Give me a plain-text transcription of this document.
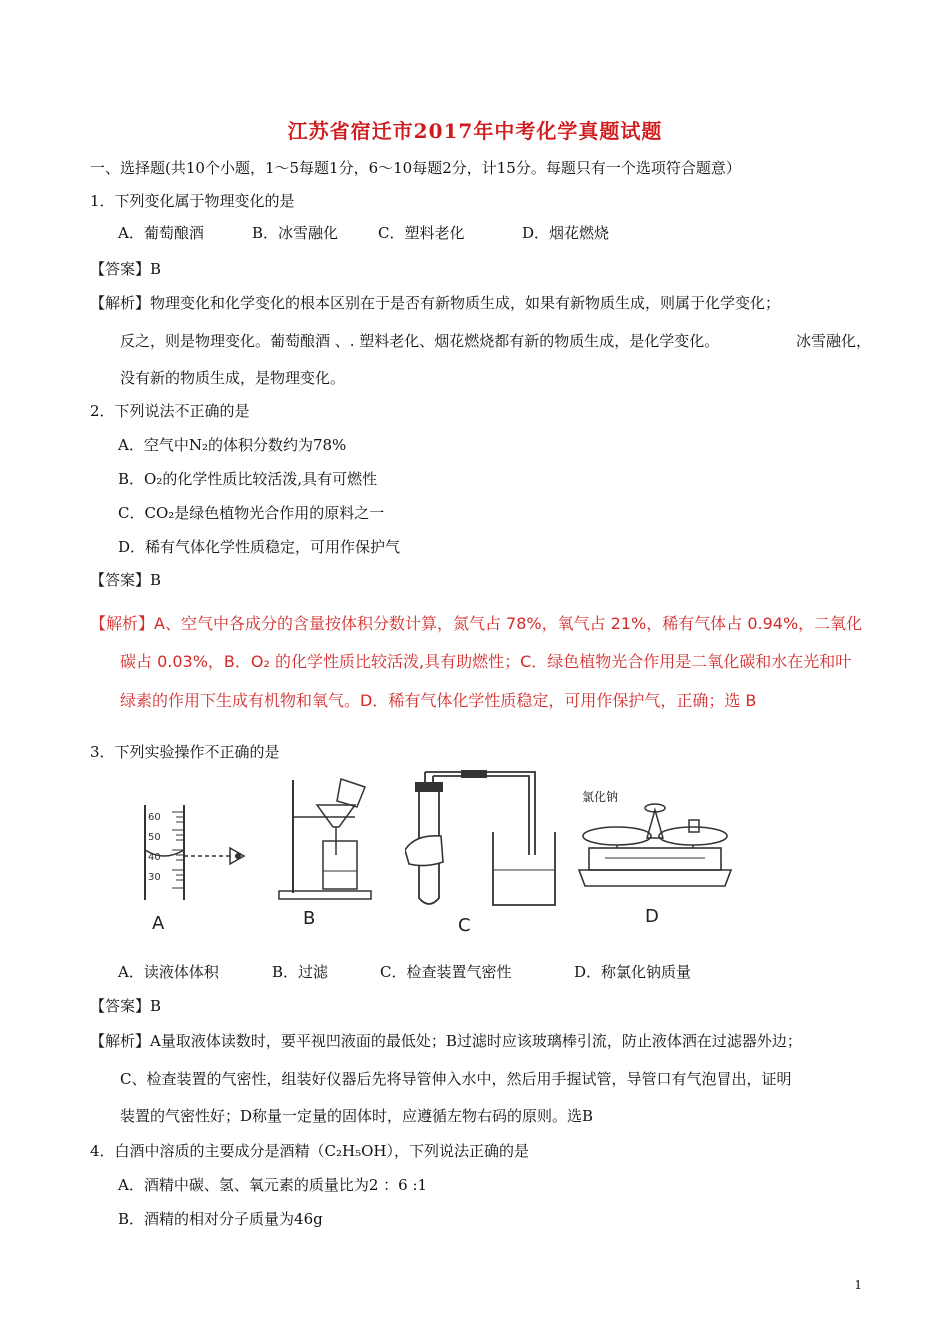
江苏省宿迁市2017年中考化学真题试题
一、选择题(共10个小题，1～5每题1分，6～10每题2分，计15分。每题只有一个选项符合题意）
1．下列变化属于物理变化的是
A．葡萄酿酒	B．冰雪融化	C．塑料老化	D．烟花燃烧
【答案】B
【解析】物理变化和化学变化的根本区别在于是否有新物质生成，如果有新物质生成，则属于化学变化；
反之，则是物理变化。葡萄酿酒 、. 塑料老化、烟花燃烧都有新的物质生成，是化学变化。	冰雪融化，
没有新的物质生成，是物理变化。
2．下列说法不正确的是
A．空气中N₂的体积分数约为78%
B．O₂的化学性质比较活泼,具有可燃性
C．CO₂是绿色植物光合作用的原料之一
D．稀有气体化学性质稳定，可用作保护气
【答案】B
【解析】A、空气中各成分的含量按体积分数计算，氮气占 78%，氧气占 21%，稀有气体占 0.94%，二氧化
碳占 0.03%，B．O₂ 的化学性质比较活泼,具有助燃性；C．绿色植物光合作用是二氧化碳和水在光和叶
绿素的作用下生成有机物和氧气。D．稀有气体化学性质稳定，可用作保护气，正确；选 B
3．下列实验操作不正确的是
60
50
40
30
A	B	C
氯化钠
D
A．读液体体积	B．过滤	C．检查装置气密性	D．称氯化钠质量
【答案】B
【解析】A量取液体读数时，要平视凹液面的最低处；B过滤时应该玻璃棒引流，防止液体洒在过滤器外边；
C、检查装置的气密性，组装好仪器后先将导管伸入水中，然后用手握试管，导管口有气泡冒出，证明
装置的气密性好；D称量一定量的固体时，应遵循左物右码的原则。选B
4．白酒中溶质的主要成分是酒精（C₂H₅OH），下列说法正确的是
A．酒精中碳、氢、氧元素的质量比为2 ：6 :1
B．酒精的相对分子质量为46g
1
